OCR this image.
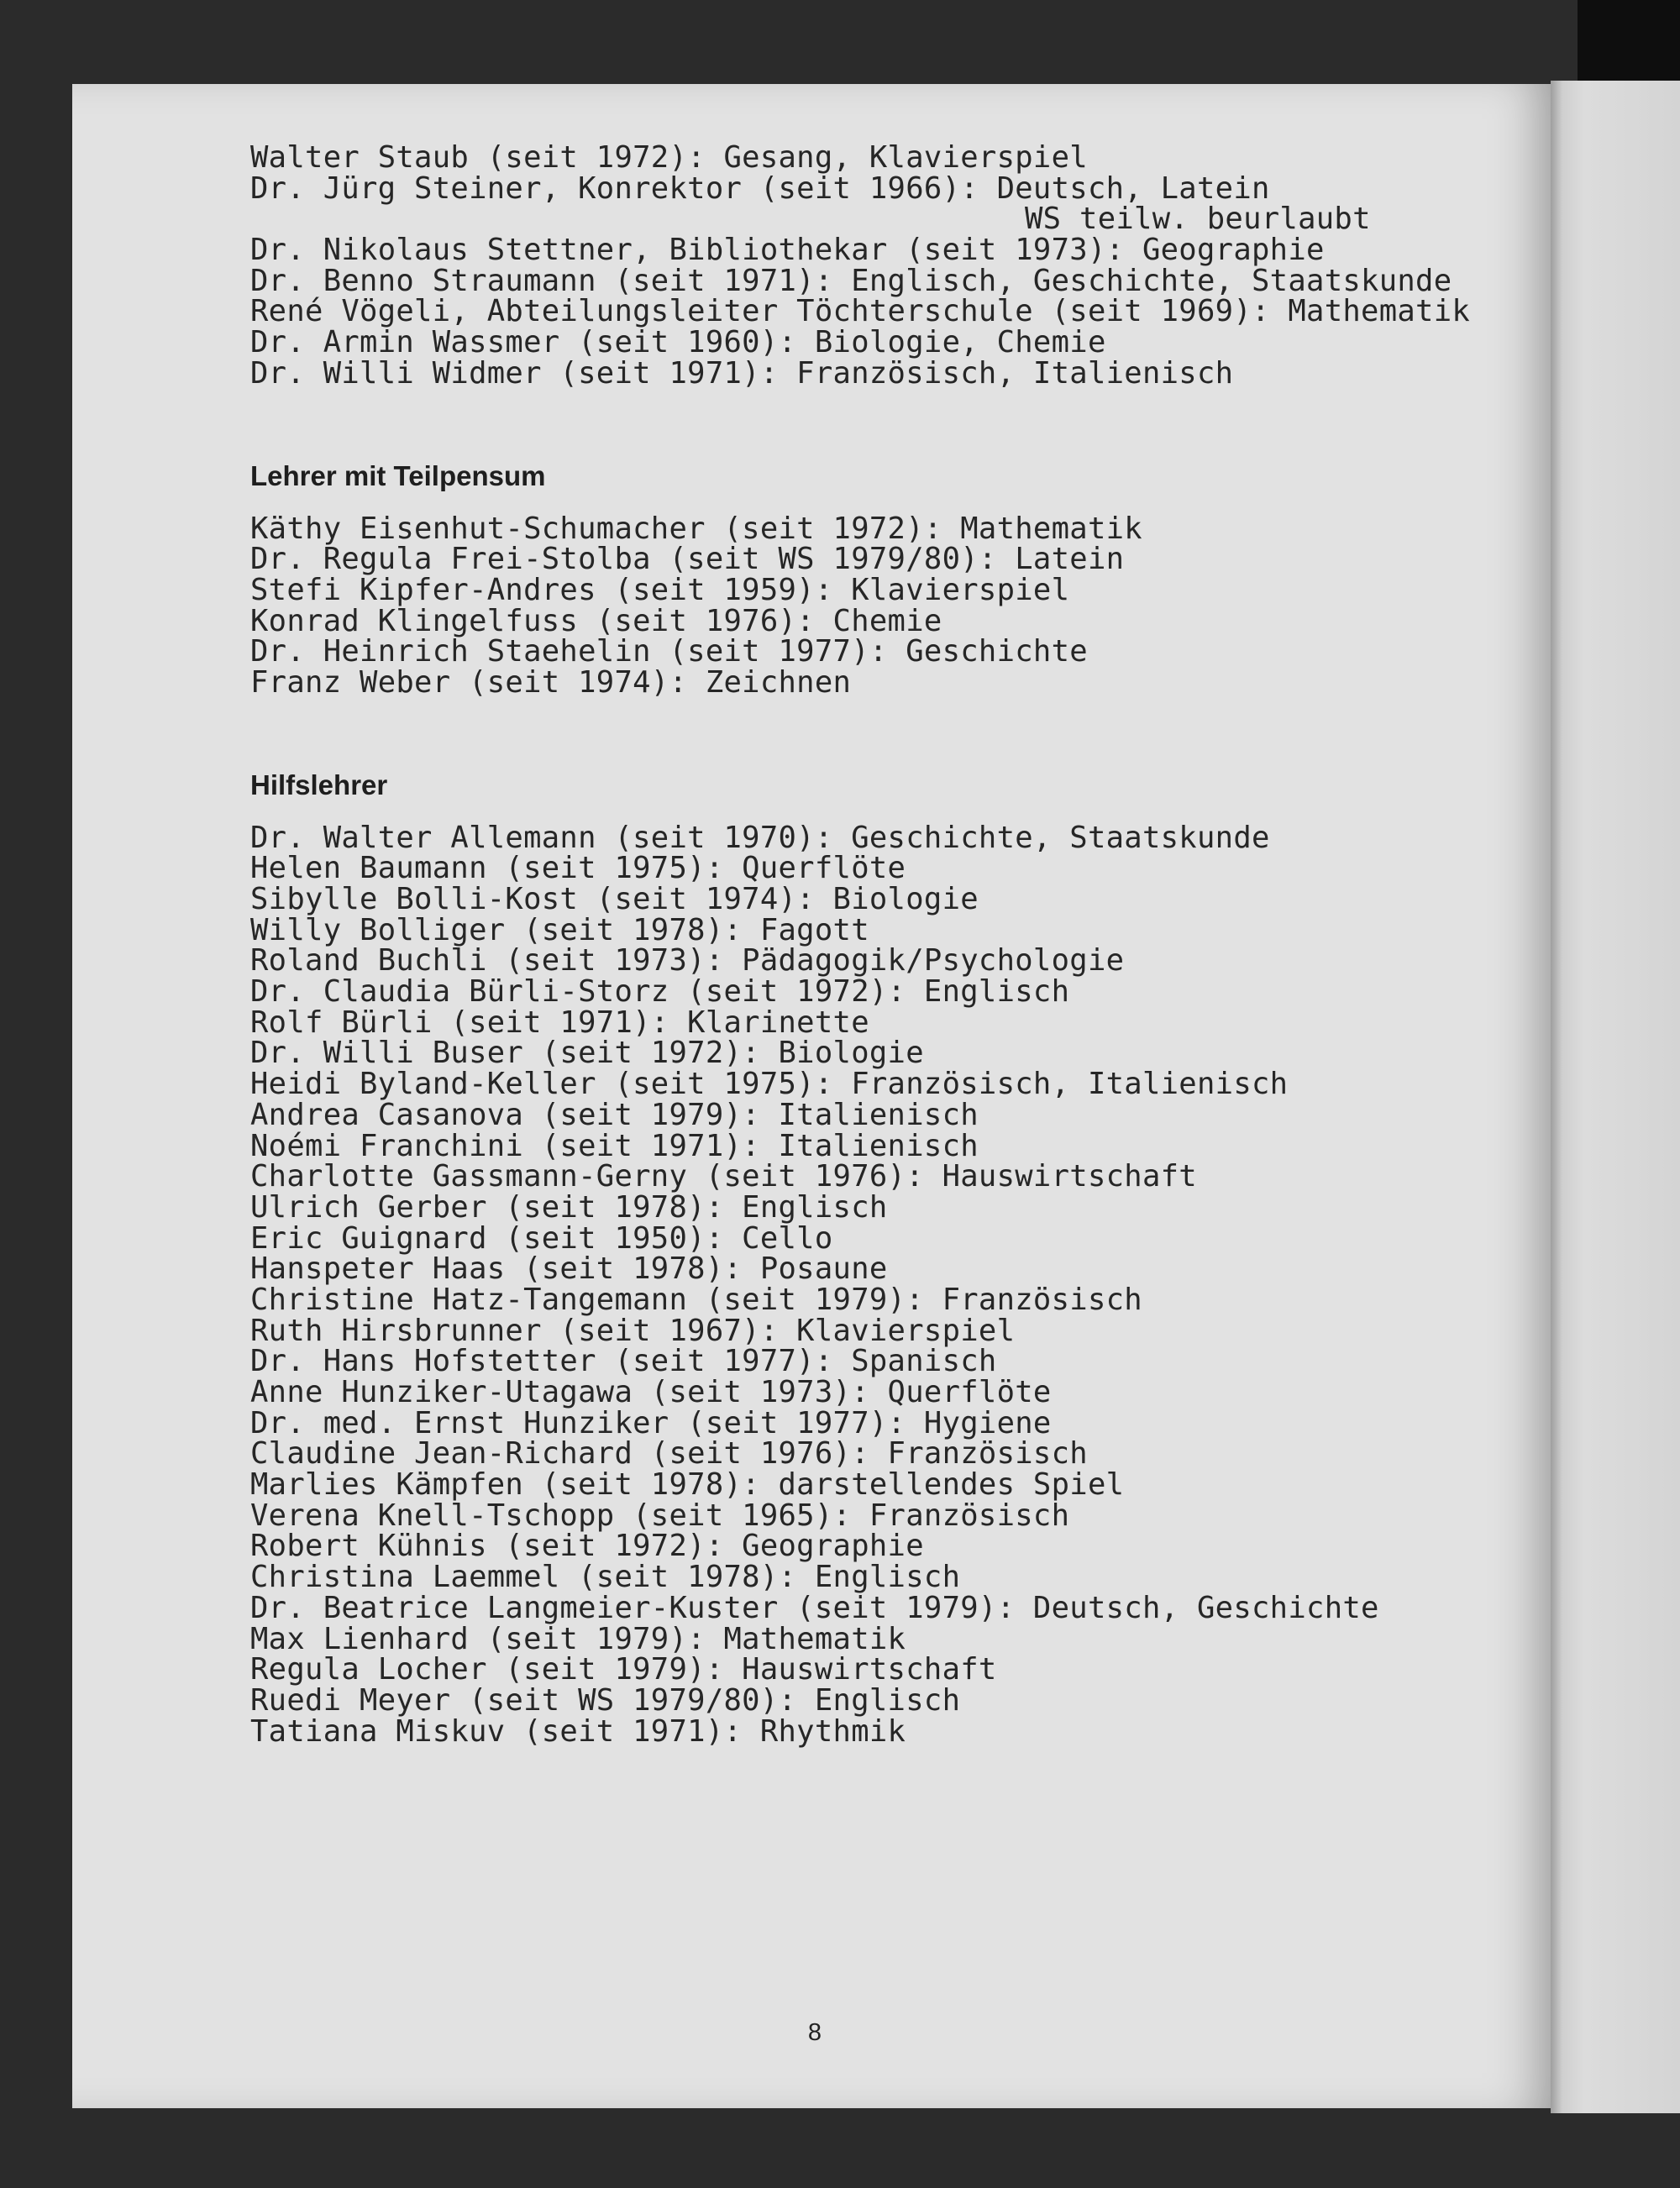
Walter Staub (seit 1972): Gesang, Klavierspiel
Dr. Jürg Steiner, Konrektor (seit 1966): Deutsch, Latein
WS teilw. beurlaubt
Dr. Nikolaus Stettner, Bibliothekar (seit 1973): Geographie
Dr. Benno Straumann (seit 1971): Englisch, Geschichte, Staatskunde
René Vögeli, Abteilungsleiter Töchterschule (seit 1969): Mathematik
Dr. Armin Wassmer (seit 1960): Biologie, Chemie
Dr. Willi Widmer (seit 1971): Französisch, Italienisch
Lehrer mit Teilpensum
Käthy Eisenhut-Schumacher (seit 1972): Mathematik
Dr. Regula Frei-Stolba (seit WS 1979/80): Latein
Stefi Kipfer-Andres (seit 1959): Klavierspiel
Konrad Klingelfuss (seit 1976): Chemie
Dr. Heinrich Staehelin (seit 1977): Geschichte
Franz Weber (seit 1974): Zeichnen
Hilfslehrer
Dr. Walter Allemann (seit 1970): Geschichte, Staatskunde
Helen Baumann (seit 1975): Querflöte
Sibylle Bolli-Kost (seit 1974): Biologie
Willy Bolliger (seit 1978): Fagott
Roland Buchli (seit 1973): Pädagogik/Psychologie
Dr. Claudia Bürli-Storz (seit 1972): Englisch
Rolf Bürli (seit 1971): Klarinette
Dr. Willi Buser (seit 1972): Biologie
Heidi Byland-Keller (seit 1975): Französisch, Italienisch
Andrea Casanova (seit 1979): Italienisch
Noémi Franchini (seit 1971): Italienisch
Charlotte Gassmann-Gerny (seit 1976): Hauswirtschaft
Ulrich Gerber (seit 1978): Englisch
Eric Guignard (seit 1950): Cello
Hanspeter Haas (seit 1978): Posaune
Christine Hatz-Tangemann (seit 1979): Französisch
Ruth Hirsbrunner (seit 1967): Klavierspiel
Dr. Hans Hofstetter (seit 1977): Spanisch
Anne Hunziker-Utagawa (seit 1973): Querflöte
Dr. med. Ernst Hunziker (seit 1977): Hygiene
Claudine Jean-Richard (seit 1976): Französisch
Marlies Kämpfen (seit 1978): darstellendes Spiel
Verena Knell-Tschopp (seit 1965): Französisch
Robert Kühnis (seit 1972): Geographie
Christina Laemmel (seit 1978): Englisch
Dr. Beatrice Langmeier-Kuster (seit 1979): Deutsch, Geschichte
Max Lienhard (seit 1979): Mathematik
Regula Locher (seit 1979): Hauswirtschaft
Ruedi Meyer (seit WS 1979/80): Englisch
Tatiana Miskuv (seit 1971): Rhythmik
8
